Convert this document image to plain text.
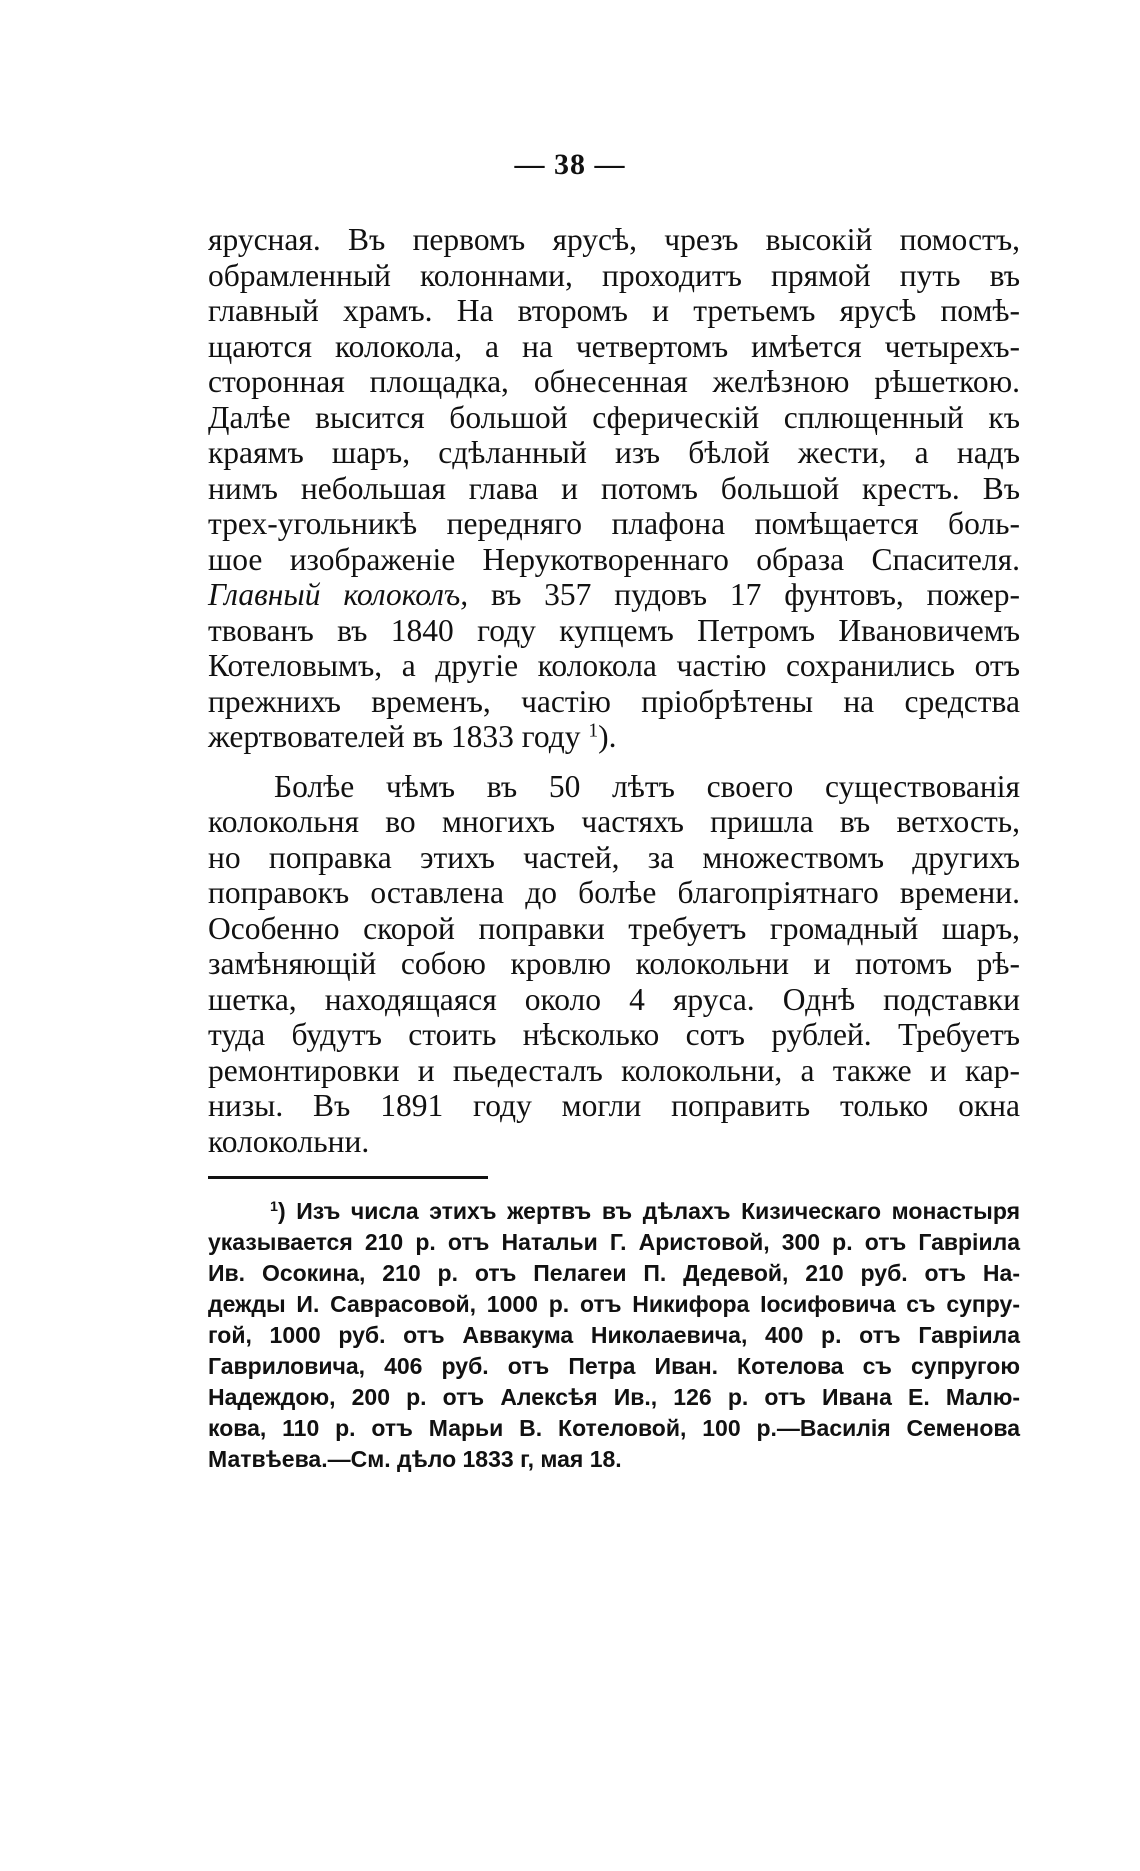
— 38 —
ярусная. Въ первомъ ярусѣ, чрезъ высокій помостъ,
обрамленный колоннами, проходитъ прямой путь въ
главный храмъ. На второмъ и третьемъ ярусѣ помѣ-
щаются колокола, а на четвертомъ имѣется четырехъ-
сторонная площадка, обнесенная желѣзною рѣшеткою.
Далѣе высится большой сферическій сплющенный къ
краямъ шаръ, сдѣланный изъ бѣлой жести, а надъ
нимъ небольшая глава и потомъ большой крестъ. Въ
трех-угольникѣ передняго плафона помѣщается боль-
шое изображеніе Нерукотвореннаго образа Спасителя.
Главный колоколъ, въ 357 пудовъ 17 фунтовъ, пожер-
твованъ въ 1840 году купцемъ Петромъ Ивановичемъ
Котеловымъ, а другіе колокола частію сохранились отъ
прежнихъ временъ, частію пріобрѣтены на средства
жертвователей въ 1833 году $^1$).
Болѣе чѣмъ въ 50 лѣтъ своего существованія
колокольня во многихъ частяхъ пришла въ ветхость,
но поправка этихъ частей, за множествомъ другихъ
поправокъ оставлена до болѣе благопріятнаго времени.
Особенно скорой поправки требуетъ громадный шаръ,
замѣняющій собою кровлю колокольни и потомъ рѣ-
шетка, находящаяся около 4 яруса. Однѣ подставки
туда будутъ стоить нѣсколько сотъ рублей. Требуетъ
ремонтировки и пьедесталъ колокольни, а также и кар-
низы. Въ 1891 году могли поправить только окна
колокольни.
$^1$) Изъ числа этихъ жертвъ въ дѣлахъ Кизическаго монастыря
указывается 210 р. отъ Натальи Г. Аристовой, 300 р. отъ Гавріила
Ив. Осокина, 210 р. отъ Пелагеи П. Дедевой, 210 руб. отъ На-
дежды И. Саврасовой, 1000 р. отъ Никифора Іосифовича съ супру-
гой, 1000 руб. отъ Аввакума Николаевича, 400 р. отъ Гавріила
Гавриловича, 406 руб. отъ Петра Иван. Котелова съ супругою
Надеждою, 200 р. отъ Алексѣя Ив., 126 р. отъ Ивана Е. Малю-
кова, 110 р. отъ Марьи В. Котеловой, 100 р.—Василія Семенова
Матвѣева.—См. дѣло 1833 г, мая 18.
